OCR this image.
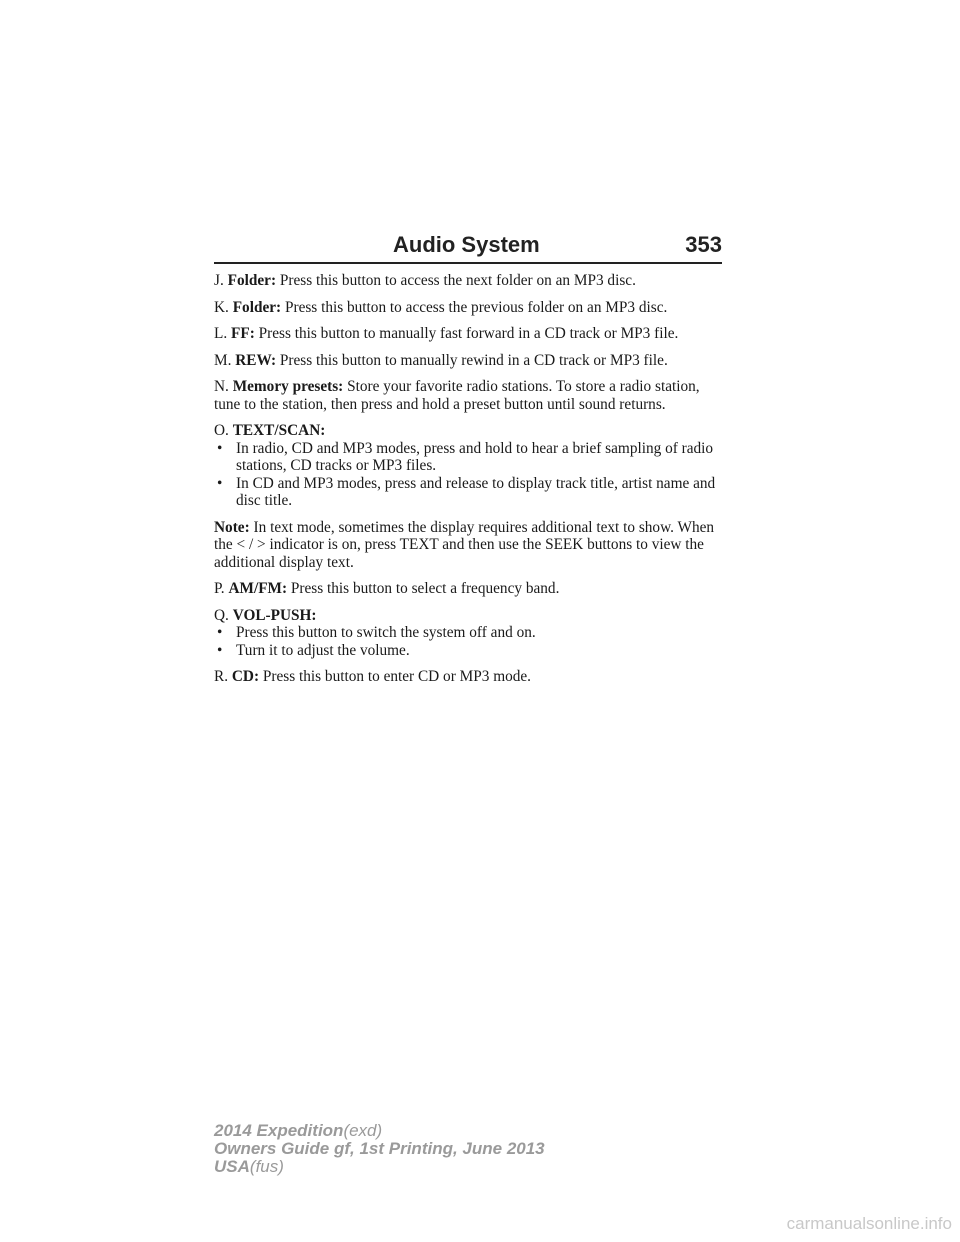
Audio System	353

J. Folder: Press this button to access the next folder on an MP3 disc.

K. Folder: Press this button to access the previous folder on an MP3 disc.

L. FF: Press this button to manually fast forward in a CD track or MP3 file.

M. REW: Press this button to manually rewind in a CD track or MP3 file.

N. Memory presets: Store your favorite radio stations. To store a radio station, tune to the station, then press and hold a preset button until sound returns.

O. TEXT/SCAN:

• In radio, CD and MP3 modes, press and hold to hear a brief sampling of radio stations, CD tracks or MP3 files.

• In CD and MP3 modes, press and release to display track title, artist name and disc title.

Note: In text mode, sometimes the display requires additional text to show. When the < / > indicator is on, press TEXT and then use the SEEK buttons to view the additional display text.

P. AM/FM: Press this button to select a frequency band.

Q. VOL-PUSH:

• Press this button to switch the system off and on.

• Turn it to adjust the volume.

R. CD: Press this button to enter CD or MP3 mode.

2014 Expedition(exd)
Owners Guide gf, 1st Printing, June 2013
USA(fus)
carmanualsonline.info
